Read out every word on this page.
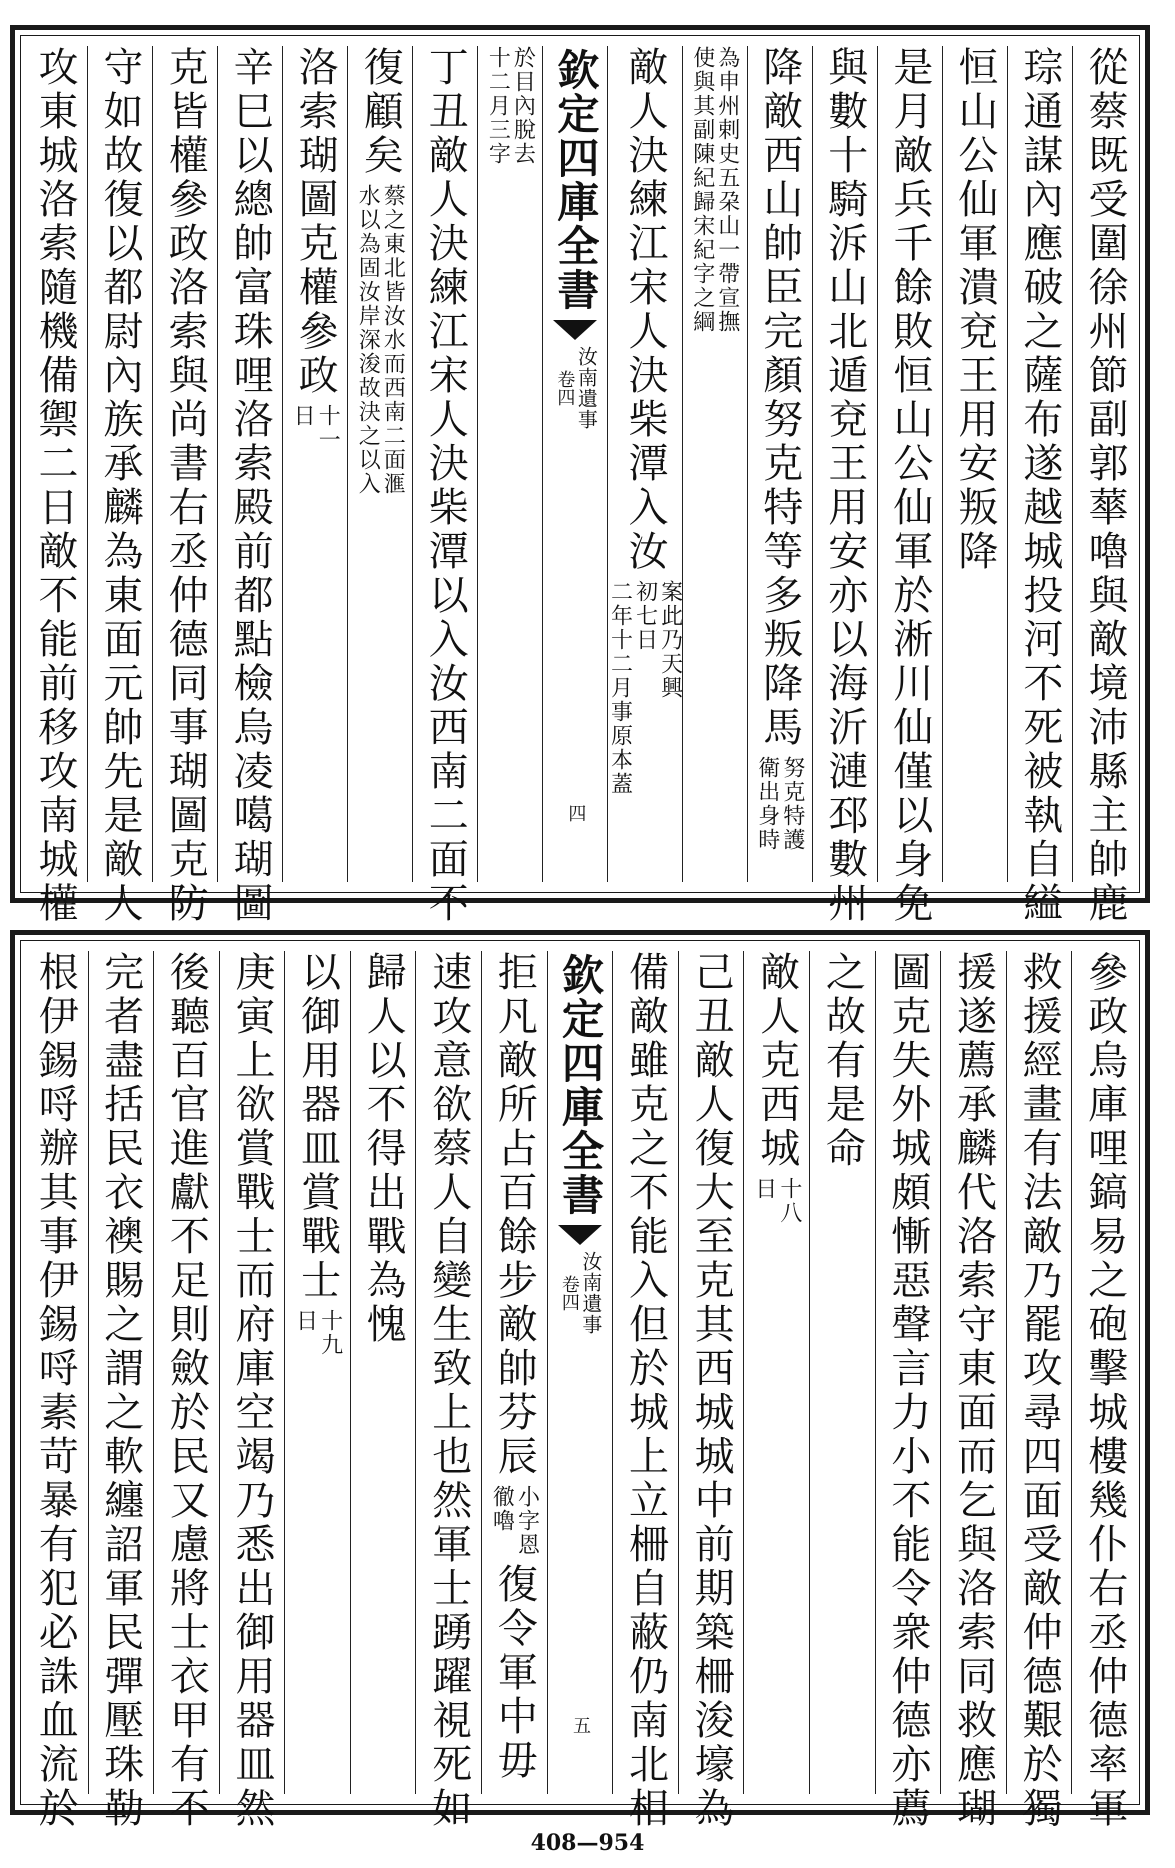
從蔡既受圍徐州節副郭蕐嚕與敵境沛縣主帥鹿
琮通謀內應破之薩布遂越城投河不死被執自縊
恒山公仙軍潰兗王用安叛降
是月敵兵千餘敗恒山公仙軍於淅川仙僅以身免
與數十騎泝山北遁兗王用安亦以海沂漣邳數州
降敵西山帥臣完顏努克特等多叛降馬
努克特護
衛出身時
為申州剌史五朶山一帶宣撫
使與其副陳紀歸宋紀字之綱
敵人決練江宋人決柴潭入汝
案此乃天興
初七日
二年十二月事原本蓋
欽定四庫全書
汝南遺事
卷四
四
於目內脫去
十二月三字
丁丑敵人決練江宋人決柴潭以入汝西南二面不
復顧矣
蔡之東北皆汝水而西南二面滙
水以為固汝岸深浚故決之以入
洛索瑚圖克權參政
十一
日
辛巳以總帥富珠哩洛索殿前都點檢烏凌噶瑚圖
克皆權參政洛索與尚書右丞仲德同事瑚圖克防
守如故復以都尉內族承麟為東面元帥先是敵人
攻東城洛索隨機備禦二日敵不能前移攻南城權
參政烏庫哩鎬易之砲擊城樓幾仆右丞仲德率軍
救援經畫有法敵乃罷攻尋四面受敵仲德艱於獨
援遂薦承麟代洛索守東面而乞與洛索同救應瑚
圖克失外城頗慚惡聲言力小不能令衆仲德亦薦
之故有是命
敵人克西城
十八
日
己丑敵人復大至克其西城城中前期築柵浚壕為
備敵雖克之不能入但於城上立柵自蔽仍南北相
欽定四庫全書
汝南遺事
卷四
五
拒凡敵所占百餘步敵帥芬辰
小字恩
徹嚕
復令軍中毋
速攻意欲蔡人自變生致上也然軍士踴躍視死如
歸人以不得出戰為愧
以御用器皿賞戰士
十九
日
庚寅上欲賞戰士而府庫空竭乃悉出御用器皿然
後聽百官進獻不足則斂於民又慮將士衣甲有不
完者盡括民衣襖賜之謂之軟纏詔軍民彈壓珠勒
根伊錫哷辦其事伊錫哷素苛暴有犯必誅血流於
408—954
